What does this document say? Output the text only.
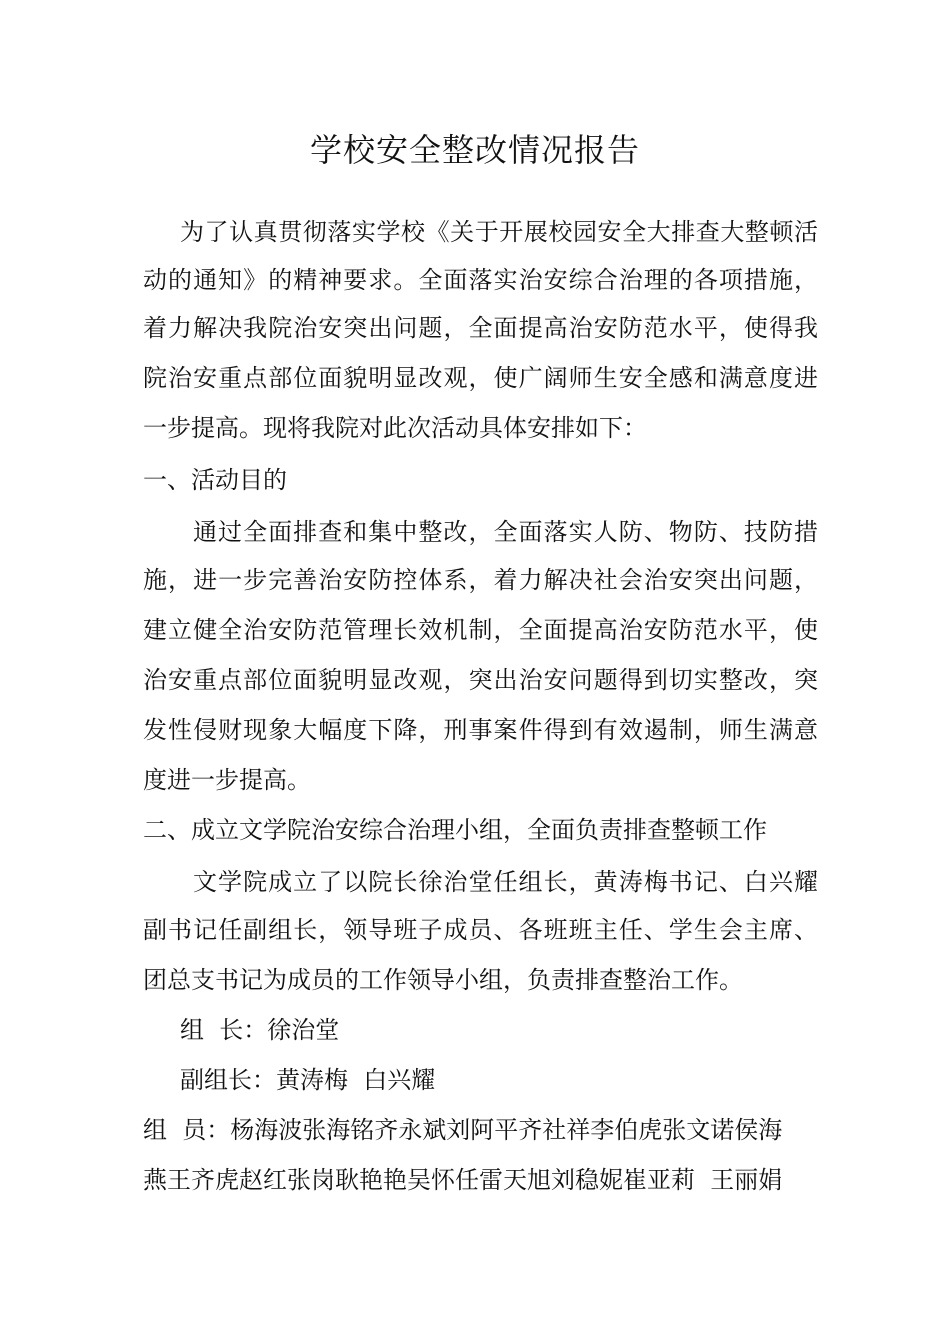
学校安全整改情况报告
为了认真贯彻落实学校《关于开展校园安全大排查大整顿活
动的通知》的精神要求。全面落实治安综合治理的各项措施，
着力解决我院治安突出问题，全面提高治安防范水平，使得我
院治安重点部位面貌明显改观，使广阔师生安全感和满意度进
一步提高。现将我院对此次活动具体安排如下：
一、活动目的
通过全面排查和集中整改，全面落实人防、物防、技防措
施，进一步完善治安防控体系，着力解决社会治安突出问题，
建立健全治安防范管理长效机制，全面提高治安防范水平，使
治安重点部位面貌明显改观，突出治安问题得到切实整改，突
发性侵财现象大幅度下降，刑事案件得到有效遏制，师生满意
度进一步提高。
二、成立文学院治安综合治理小组，全面负责排查整顿工作
文学院成立了以院长徐治堂任组长，黄涛梅书记、白兴耀
副书记任副组长，领导班子成员、各班班主任、学生会主席、
团总支书记为成员的工作领导小组，负责排查整治工作。
组  长：徐治堂
副组长：黄涛梅  白兴耀
组  员：杨海波张海铭齐永斌刘阿平齐社祥李伯虎张文诺侯海
燕王齐虎赵红张岗耿艳艳吴怀任雷天旭刘稳妮崔亚莉  王丽娟
